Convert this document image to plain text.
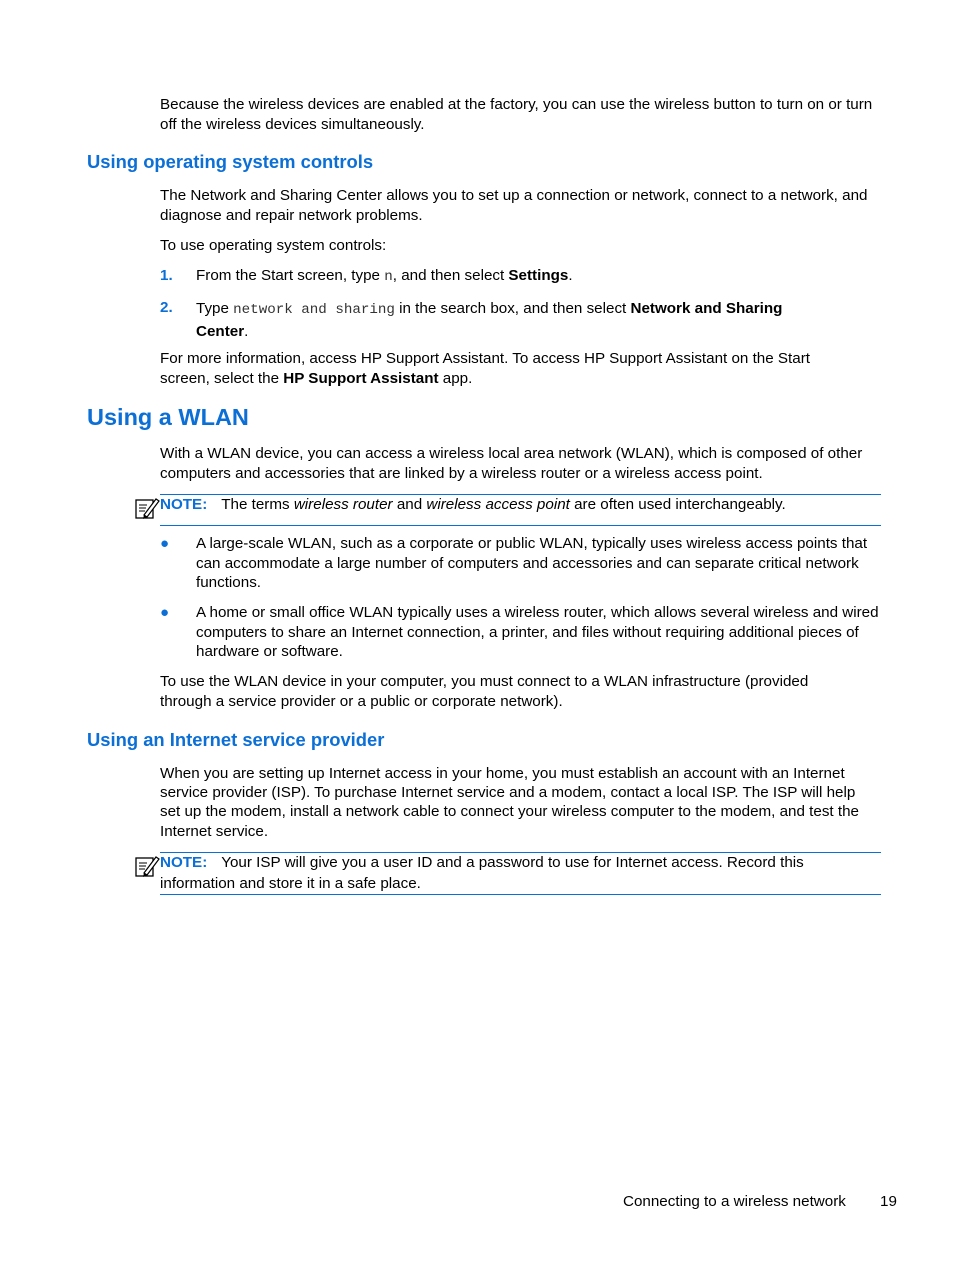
Because the wireless devices are enabled at the factory, you can use the wireless button to turn on or turn off the wireless devices simultaneously.

Using operating system controls

The Network and Sharing Center allows you to set up a connection or network, connect to a network, and diagnose and repair network problems.

To use operating system controls:

1. From the Start screen, type n, and then select Settings.

2. Type network and sharing in the search box, and then select Network and Sharing Center.

For more information, access HP Support Assistant. To access HP Support Assistant on the Start screen, select the HP Support Assistant app.

Using a WLAN

With a WLAN device, you can access a wireless local area network (WLAN), which is composed of other computers and accessories that are linked by a wireless router or a wireless access point.

NOTE: The terms wireless router and wireless access point are often used interchangeably.
● A large-scale WLAN, such as a corporate or public WLAN, typically uses wireless access points that can accommodate a large number of computers and accessories and can separate critical network functions.

● A home or small office WLAN typically uses a wireless router, which allows several wireless and wired computers to share an Internet connection, a printer, and files without requiring additional pieces of hardware or software.

To use the WLAN device in your computer, you must connect to a WLAN infrastructure (provided through a service provider or a public or corporate network).

Using an Internet service provider

When you are setting up Internet access in your home, you must establish an account with an Internet service provider (ISP). To purchase Internet service and a modem, contact a local ISP. The ISP will help set up the modem, install a network cable to connect your wireless computer to the modem, and test the Internet service.

NOTE: Your ISP will give you a user ID and a password to use for Internet access. Record this information and store it in a safe place.
Connecting to a wireless network 19
